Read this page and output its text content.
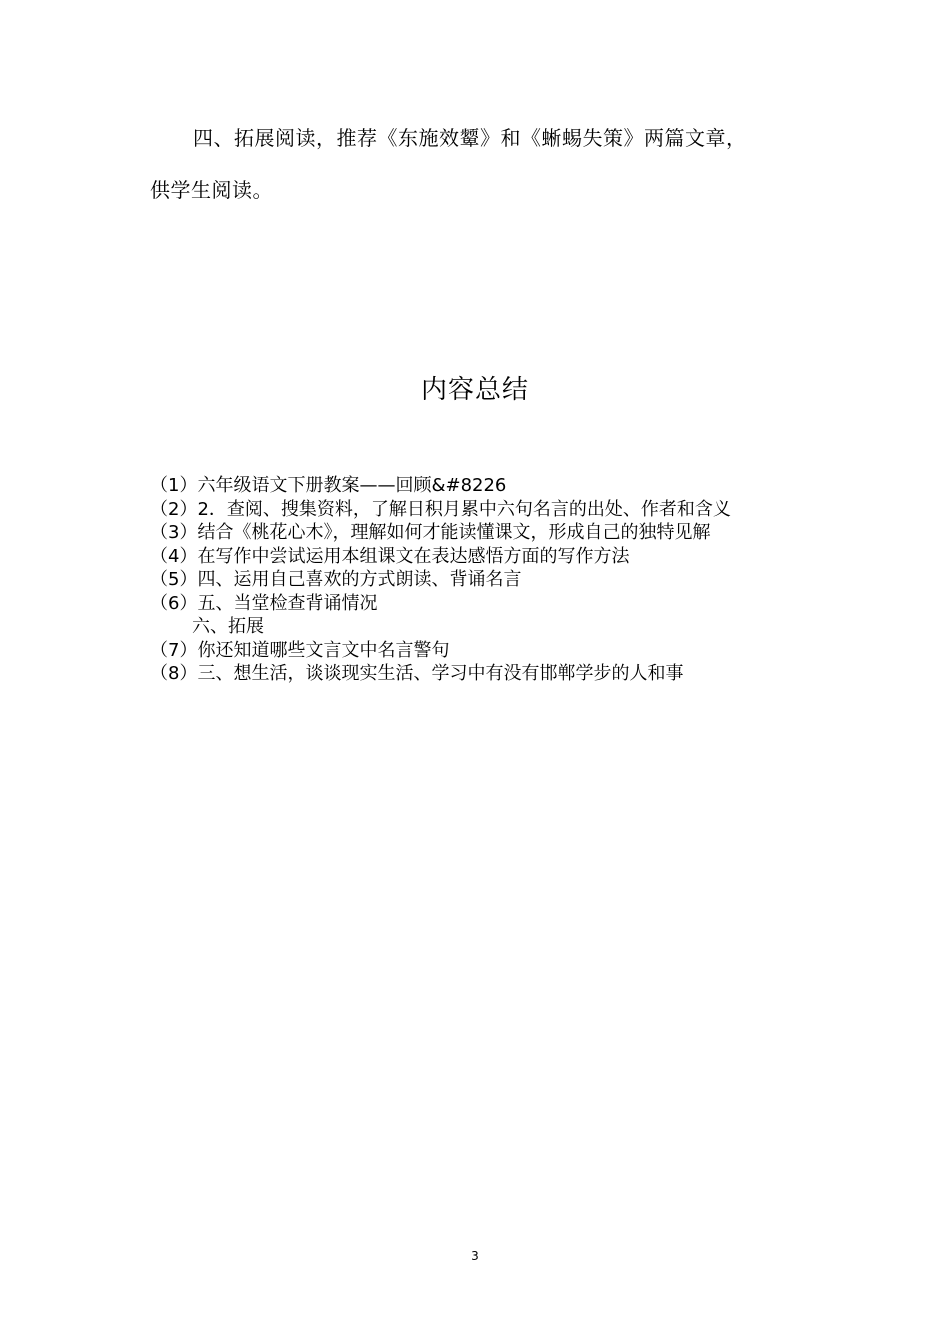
四、拓展阅读，推荐《东施效颦》和《蜥蜴失策》两篇文章，
供学生阅读。
内容总结
（1）六年级语文下册教案——回顾&#8226
（2）2．查阅、搜集资料，了解日积月累中六句名言的出处、作者和含义
（3）结合《桃花心木》，理解如何才能读懂课文，形成自己的独特见解
（4）在写作中尝试运用本组课文在表达感悟方面的写作方法
（5）四、运用自己喜欢的方式朗读、背诵名言
（6）五、当堂检查背诵情况
六、拓展
（7）你还知道哪些文言文中名言警句
（8）三、想生活，谈谈现实生活、学习中有没有邯郸学步的人和事
3
